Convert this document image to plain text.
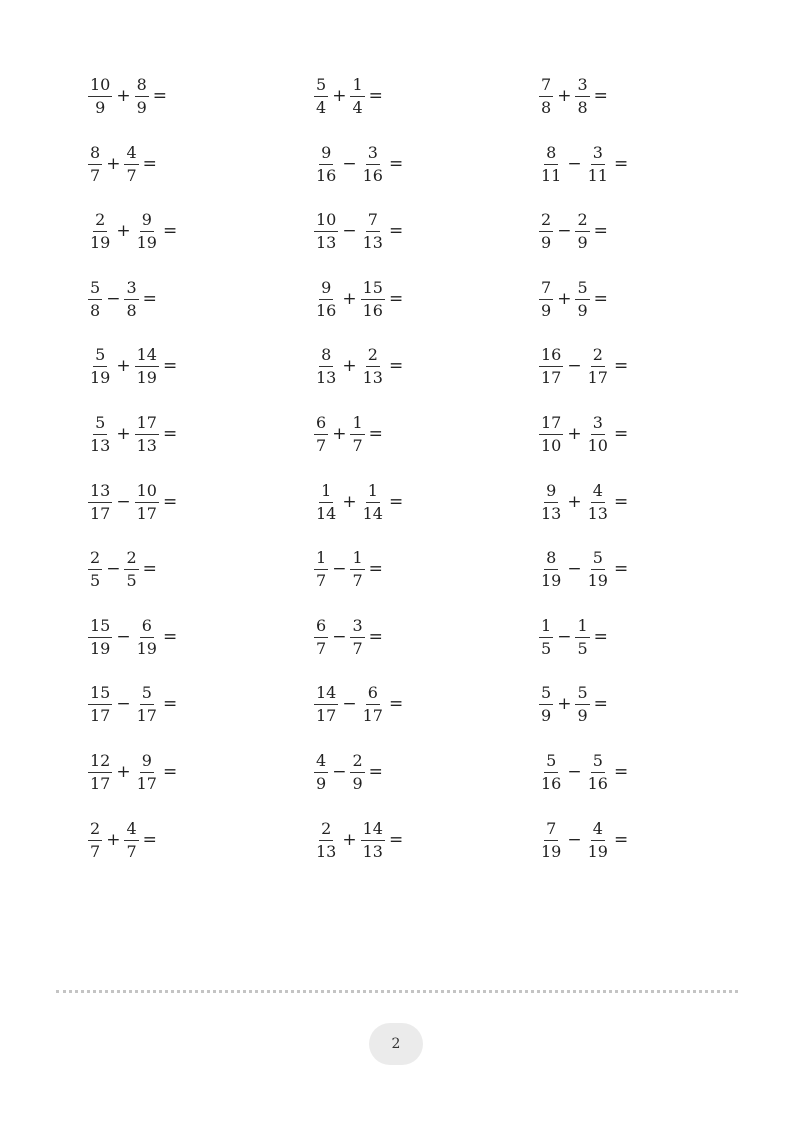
$\frac{10}{9} + \frac{8}{9}$ =	$\frac{5}{4} + \frac{1}{4}$ =	$\frac{7}{8} + \frac{3}{8}$ =
$\frac{8}{7} + \frac{4}{7}$ =	$\frac{9}{16} - \frac{3}{16}$ =	$\frac{8}{11} - \frac{3}{11}$ =
$\frac{2}{19} + \frac{9}{19}$ =	$\frac{10}{13} - \frac{7}{13}$ =	$\frac{2}{9} - \frac{2}{9}$ =
$\frac{5}{8} - \frac{3}{8}$ =	$\frac{9}{16} + \frac{15}{16}$ =	$\frac{7}{9} + \frac{5}{9}$ =
$\frac{5}{19} + \frac{14}{19}$ =	$\frac{8}{13} + \frac{2}{13}$ =	$\frac{16}{17} - \frac{2}{17}$ =
$\frac{5}{13} + \frac{17}{13}$ =	$\frac{6}{7} + \frac{1}{7}$ =	$\frac{17}{10} + \frac{3}{10}$ =
$\frac{13}{17} - \frac{10}{17}$ =	$\frac{1}{14} + \frac{1}{14}$ =	$\frac{9}{13} + \frac{4}{13}$ =
$\frac{2}{5} - \frac{2}{5}$ =	$\frac{1}{7} - \frac{1}{7}$ =	$\frac{8}{19} - \frac{5}{19}$ =
$\frac{15}{19} - \frac{6}{19}$ =	$\frac{6}{7} - \frac{3}{7}$ =	$\frac{1}{5} - \frac{1}{5}$ =
$\frac{15}{17} - \frac{5}{17}$ =	$\frac{14}{17} - \frac{6}{17}$ =	$\frac{5}{9} + \frac{5}{9}$ =
$\frac{12}{17} + \frac{9}{17}$ =	$\frac{4}{9} - \frac{2}{9}$ =	$\frac{5}{16} - \frac{5}{16}$ =
$\frac{2}{7} + \frac{4}{7}$ =	$\frac{2}{13} + \frac{14}{13}$ =	$\frac{7}{19} - \frac{4}{19}$ =
2
